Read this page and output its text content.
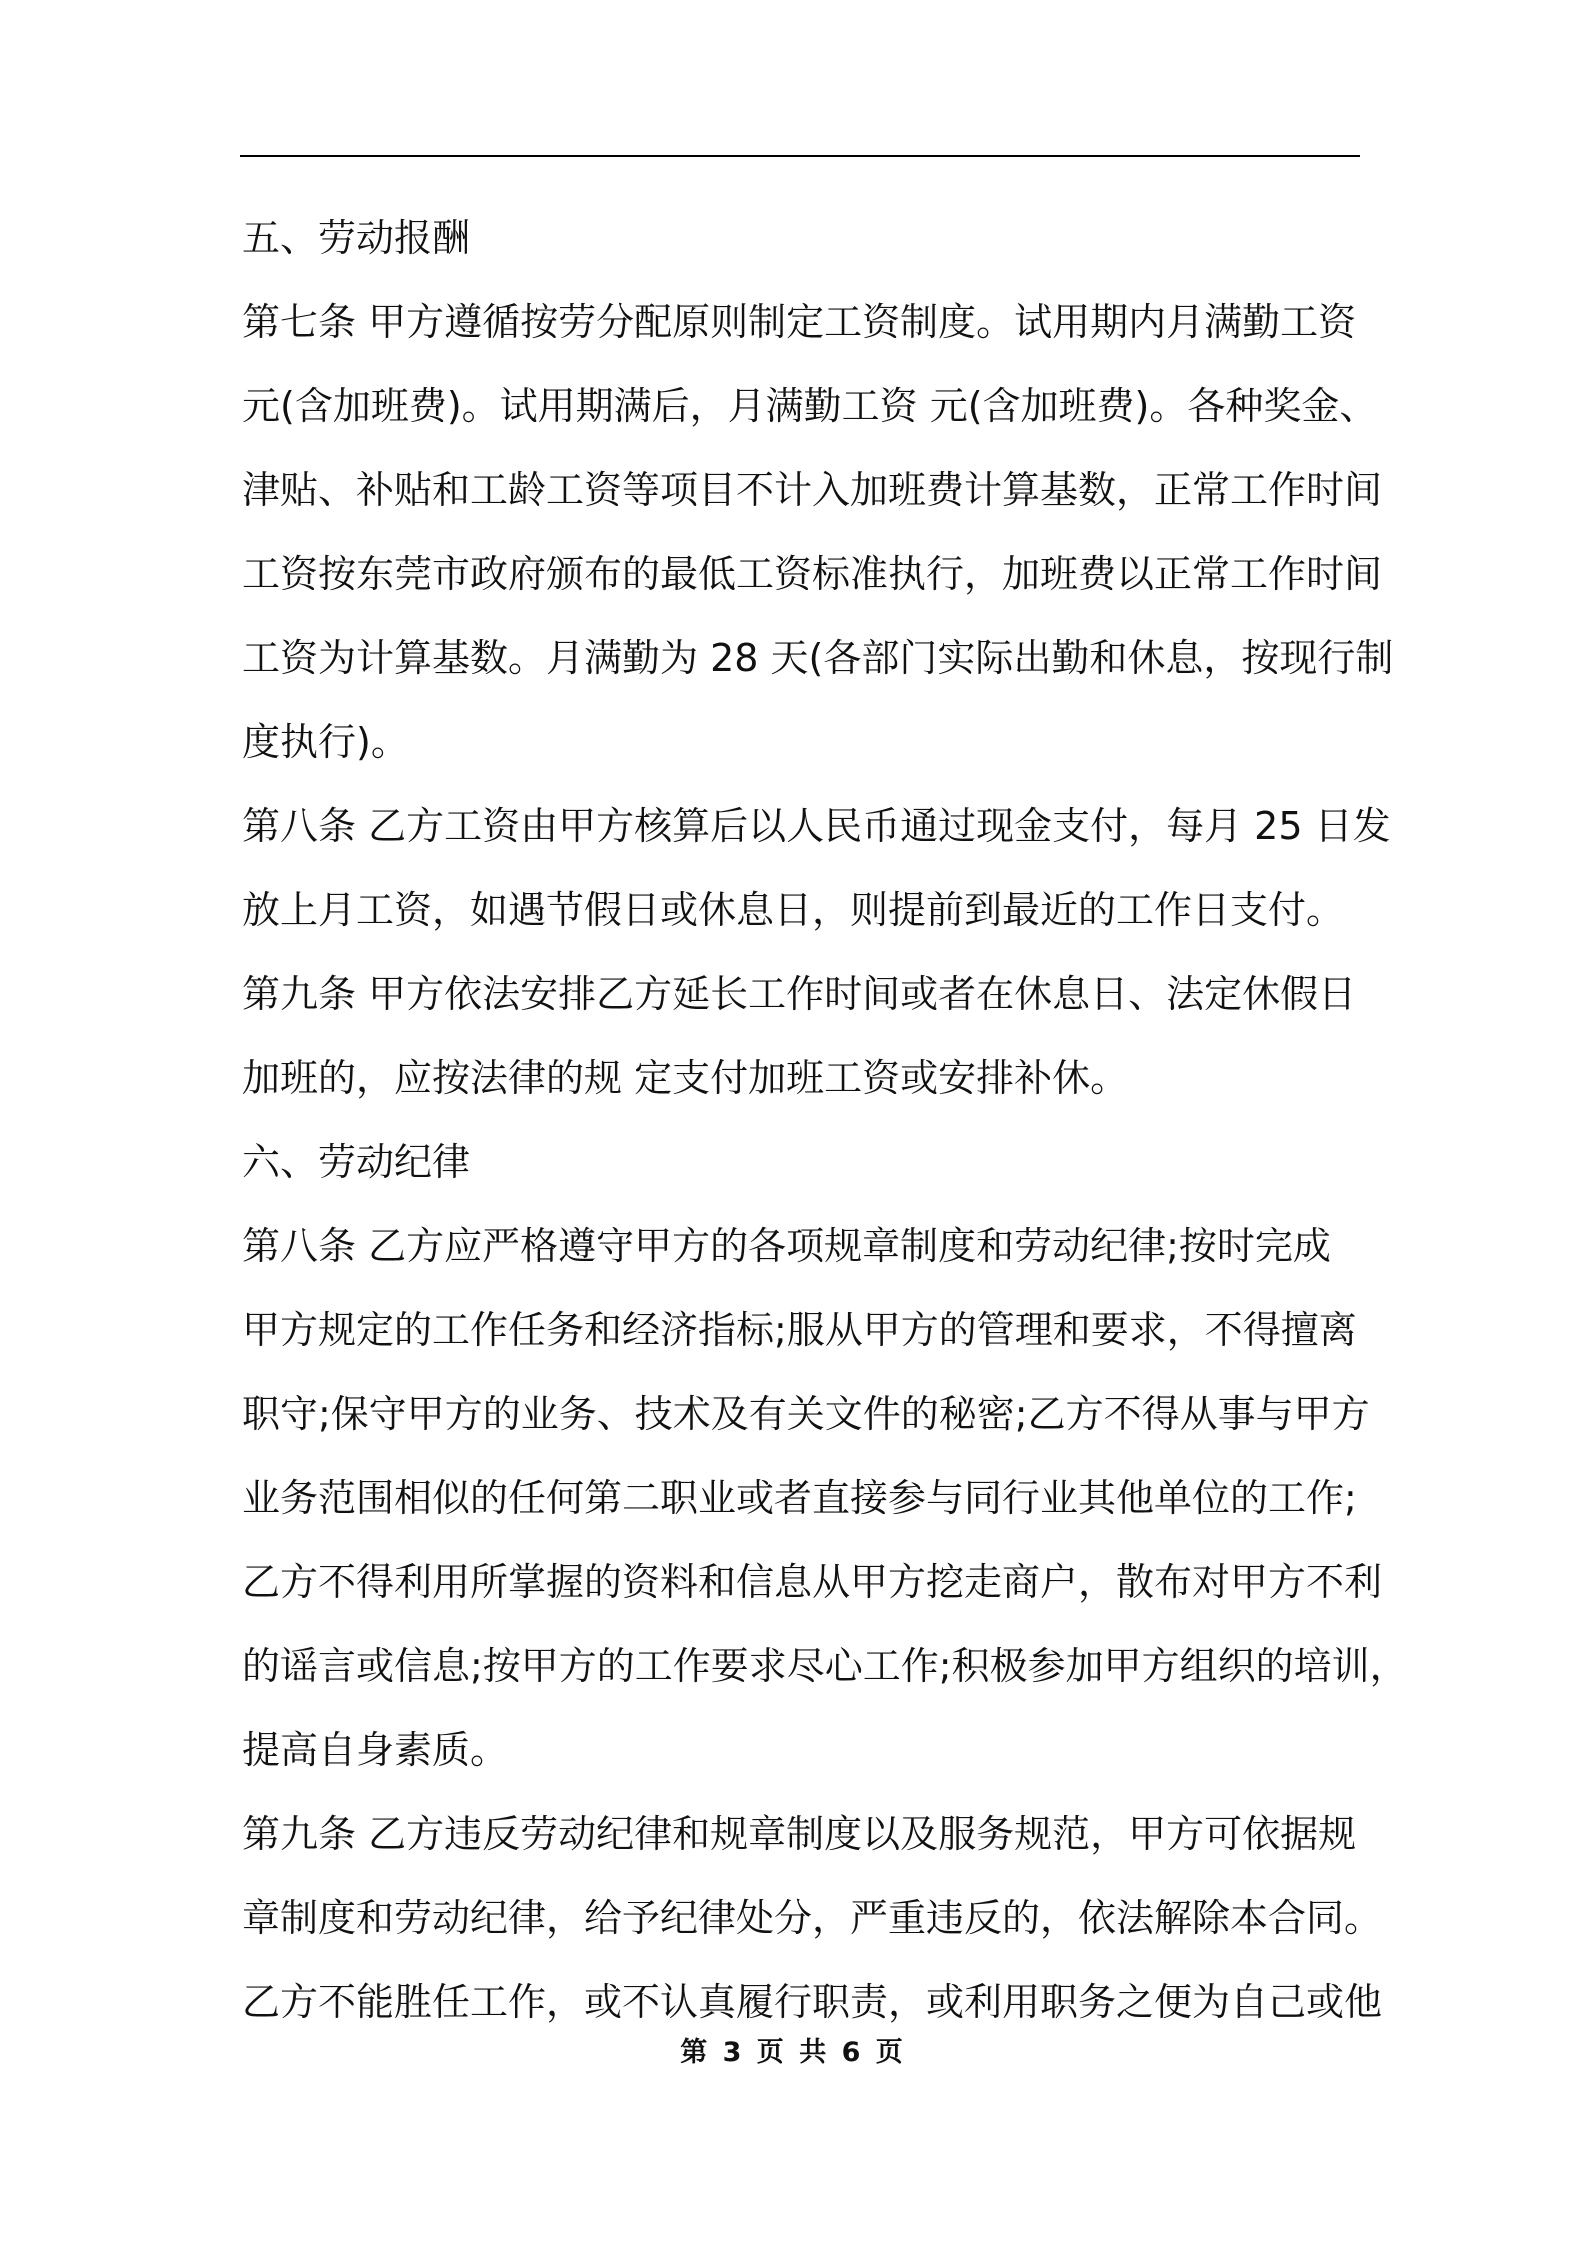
五、劳动报酬
第七条 甲方遵循按劳分配原则制定工资制度。试用期内月满勤工资
元(含加班费)。试用期满后，月满勤工资 元(含加班费)。各种奖金、
津贴、补贴和工龄工资等项目不计入加班费计算基数，正常工作时间
工资按东莞市政府颁布的最低工资标准执行，加班费以正常工作时间
工资为计算基数。月满勤为 28 天(各部门实际出勤和休息，按现行制
度执行)。
第八条 乙方工资由甲方核算后以人民币通过现金支付，每月 25 日发
放上月工资，如遇节假日或休息日，则提前到最近的工作日支付。
第九条 甲方依法安排乙方延长工作时间或者在休息日、法定休假日
加班的，应按法律的规 定支付加班工资或安排补休。
六、劳动纪律
第八条 乙方应严格遵守甲方的各项规章制度和劳动纪律;按时完成
甲方规定的工作任务和经济指标;服从甲方的管理和要求，不得擅离
职守;保守甲方的业务、技术及有关文件的秘密;乙方不得从事与甲方
业务范围相似的任何第二职业或者直接参与同行业其他单位的工作;
乙方不得利用所掌握的资料和信息从甲方挖走商户，散布对甲方不利
的谣言或信息;按甲方的工作要求尽心工作;积极参加甲方组织的培训，
提高自身素质。
第九条 乙方违反劳动纪律和规章制度以及服务规范，甲方可依据规
章制度和劳动纪律，给予纪律处分，严重违反的，依法解除本合同。
乙方不能胜任工作，或不认真履行职责，或利用职务之便为自己或他
第 3 页 共 6 页
